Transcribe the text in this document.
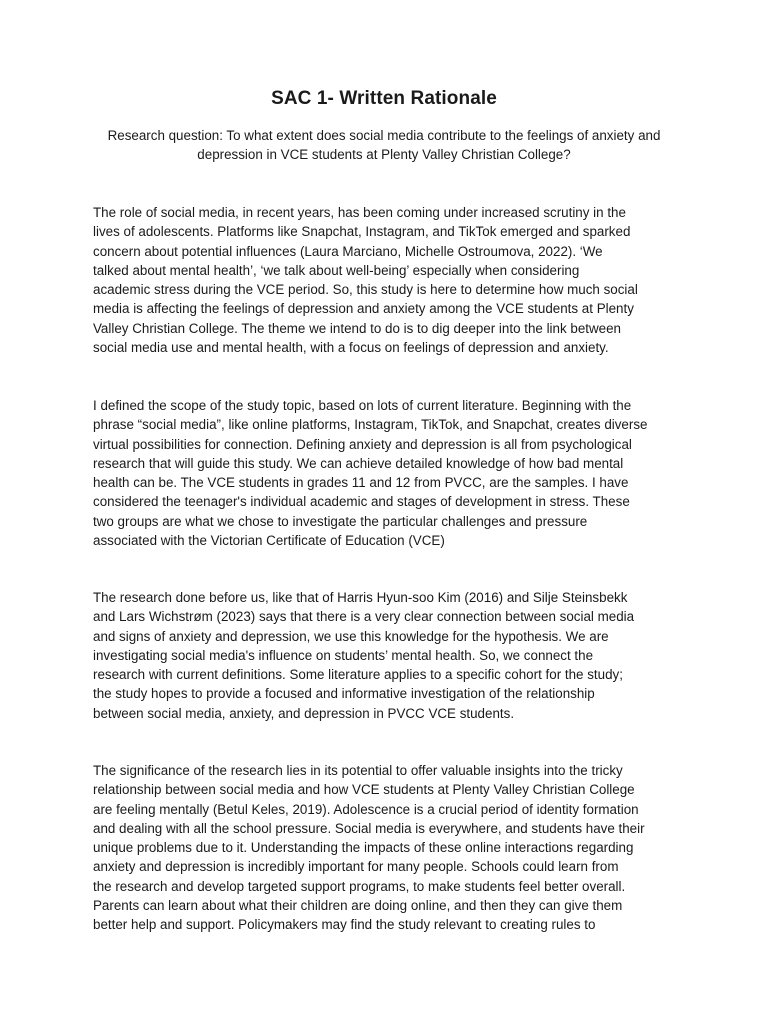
SAC 1- Written Rationale
Research question: To what extent does social media contribute to the feelings of anxiety and depression in VCE students at Plenty Valley Christian College?
The role of social media, in recent years, has been coming under increased scrutiny in the
lives of adolescents. Platforms like Snapchat, Instagram, and TikTok emerged and sparked
concern about potential influences (Laura Marciano, Michelle Ostroumova, 2022). ‘We
talked about mental health’, ‘we talk about well-being’ especially when considering
academic stress during the VCE period. So, this study is here to determine how much social
media is affecting the feelings of depression and anxiety among the VCE students at Plenty
Valley Christian College. The theme we intend to do is to dig deeper into the link between
social media use and mental health, with a focus on feelings of depression and anxiety.
I defined the scope of the study topic, based on lots of current literature. Beginning with the
phrase “social media”, like online platforms, Instagram, TikTok, and Snapchat, creates diverse
virtual possibilities for connection. Defining anxiety and depression is all from psychological
research that will guide this study. We can achieve detailed knowledge of how bad mental
health can be. The VCE students in grades 11 and 12 from PVCC, are the samples. I have
considered the teenager's individual academic and stages of development in stress. These
two groups are what we chose to investigate the particular challenges and pressure
associated with the Victorian Certificate of Education (VCE)
The research done before us, like that of Harris Hyun-soo Kim (2016) and Silje Steinsbekk
and Lars Wichstrøm (2023) says that there is a very clear connection between social media
and signs of anxiety and depression, we use this knowledge for the hypothesis. We are
investigating social media's influence on students’ mental health. So, we connect the
research with current definitions. Some literature applies to a specific cohort for the study;
the study hopes to provide a focused and informative investigation of the relationship
between social media, anxiety, and depression in PVCC VCE students.
The significance of the research lies in its potential to offer valuable insights into the tricky
relationship between social media and how VCE students at Plenty Valley Christian College
are feeling mentally (Betul Keles, 2019). Adolescence is a crucial period of identity formation
and dealing with all the school pressure. Social media is everywhere, and students have their
unique problems due to it. Understanding the impacts of these online interactions regarding
anxiety and depression is incredibly important for many people. Schools could learn from
the research and develop targeted support programs, to make students feel better overall.
Parents can learn about what their children are doing online, and then they can give them
better help and support. Policymakers may find the study relevant to creating rules to
